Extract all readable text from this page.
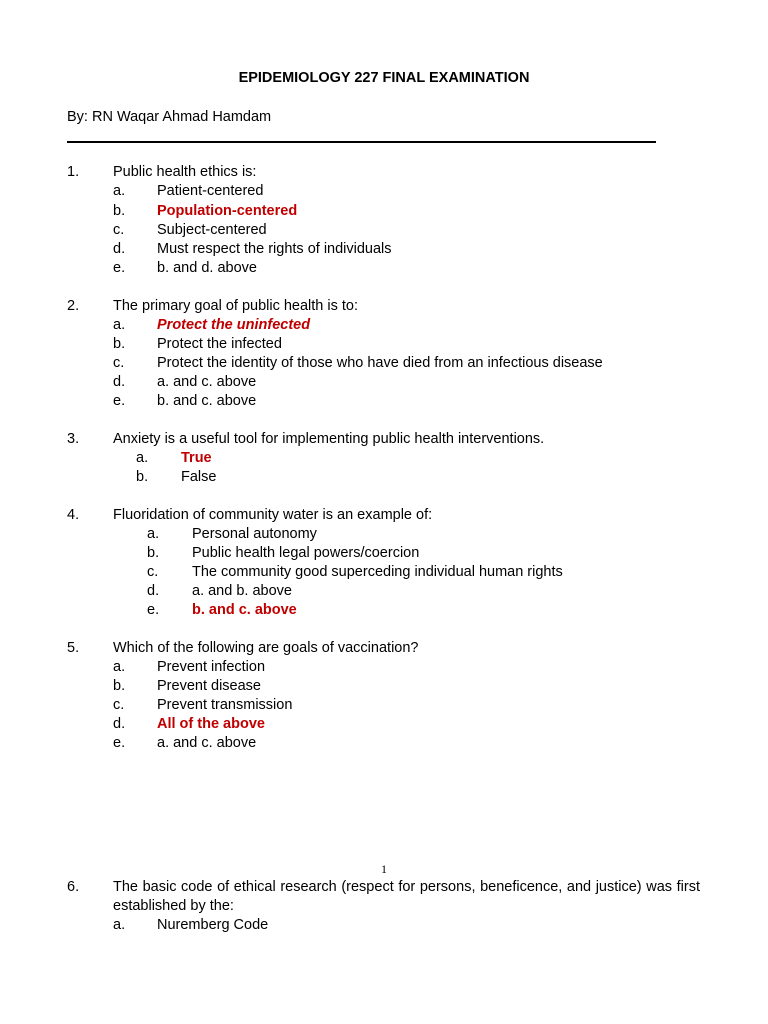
EPIDEMIOLOGY 227 FINAL EXAMINATION
By: RN Waqar Ahmad Hamdam
1. Public health ethics is:
a. Patient-centered
b. Population-centered
c. Subject-centered
d. Must respect the rights of individuals
e. b. and d. above
2. The primary goal of public health is to:
a. Protect the uninfected
b. Protect the infected
c. Protect the identity of those who have died from an infectious disease
d. a. and c. above
e. b. and c. above
3. Anxiety is a useful tool for implementing public health interventions.
a. True
b. False
4. Fluoridation of community water is an example of:
a. Personal autonomy
b. Public health legal powers/coercion
c. The community good superceding individual human rights
d. a. and b. above
e. b. and c. above
5. Which of the following are goals of vaccination?
a. Prevent infection
b. Prevent disease
c. Prevent transmission
d. All of the above
e. a. and c. above
1
6. The basic code of ethical research (respect for persons, beneficence, and justice) was first established by the:
a. Nuremberg Code
